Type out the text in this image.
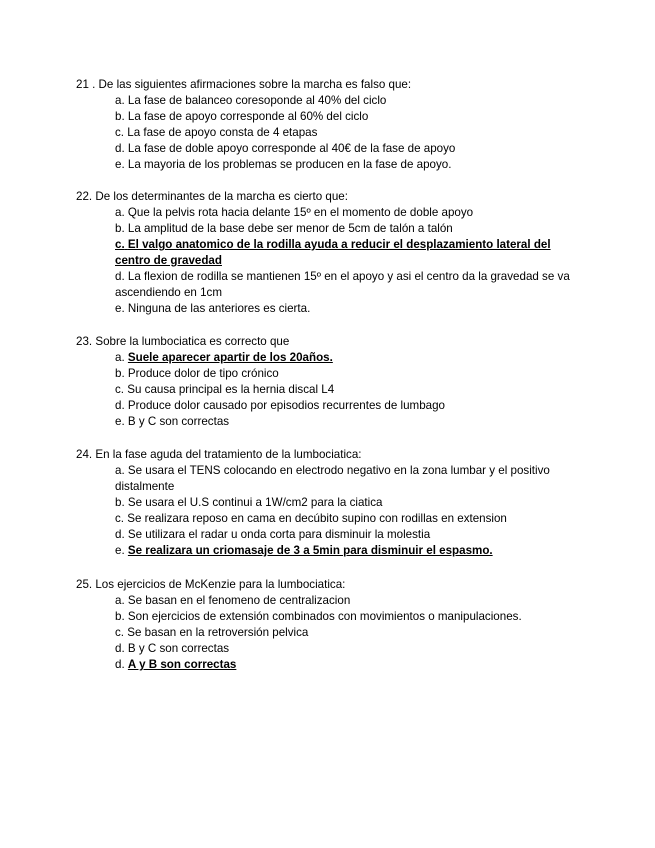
21 . De las siguientes afirmaciones sobre la marcha es falso que:

a. La fase de balanceo coresoponde al 40% del ciclo
b. La fase de apoyo corresponde al 60% del ciclo
c. La fase de apoyo consta de 4 etapas
d. La fase de doble apoyo corresponde al 40€ de la fase de apoyo
e. La mayoria de los problemas se producen en la fase de apoyo.

22. De los determinantes de la marcha es cierto que:

a. Que la pelvis rota hacia delante 15º en el momento de doble apoyo
b. La amplitud de la base debe ser menor de 5cm de talón a talón
c. El valgo anatomico de la rodilla ayuda a reducir el desplazamiento lateral del centro de gravedad
d. La flexion de rodilla se mantienen 15º en el apoyo y asi el centro da la gravedad se va ascendiendo en 1cm
e. Ninguna de las anteriores es cierta.

23. Sobre la lumbociatica es correcto que

a. Suele aparecer apartir de los 20años.
b. Produce dolor de tipo crónico
c. Su causa principal es la hernia discal L4
d. Produce dolor causado por episodios recurrentes de lumbago
e. B y C son correctas

24. En la fase aguda del tratamiento de la lumbociatica:

a. Se usara el TENS colocando en electrodo negativo en la zona lumbar y el positivo distalmente
b. Se usara el U.S continui a 1W/cm2 para la ciatica
c. Se realizara reposo en cama en decúbito supino con rodillas en extension
d. Se utilizara el radar u onda corta para disminuir la molestia
e. Se realizara un criomasaje de 3 a 5min para disminuir el espasmo.

25. Los ejercicios de McKenzie para la lumbociatica:

a. Se basan en el fenomeno de centralizacion
b. Son ejercicios de extensión combinados con movimientos o manipulaciones.
c. Se basan en la retroversión pelvica
d. B y C son correctas
d. A y B son correctas
